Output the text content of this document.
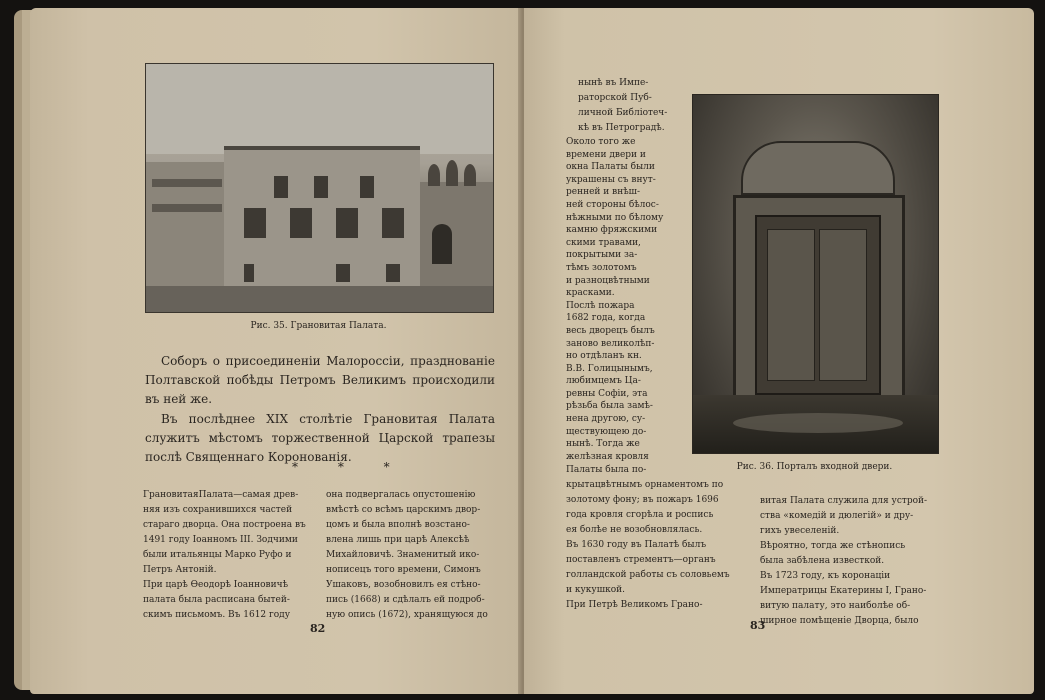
Рис. 35. Грановитая Палата.
Соборъ о присоединеніи Малороссіи, празднованіе Полтавской побѣды Петромъ Великимъ происходили въ ней же.
Въ послѣднее XIX столѣтіе Грановитая Палата служитъ мѣстомъ торжественной Царской трапезы послѣ Священнаго Коронованія.
* * *
ГрановитаяПалата—самая древ-
няя изъ сохранившихся частей
стараго дворца. Она построена въ
1491 году Іоанномъ III. Зодчими
были итальянцы Марко Руфо и
Петръ Антоній.
При царѣ Ѳеодорѣ Іоанновичѣ
палата была расписана бытей-
скимъ письмомъ. Въ 1612 году
она подвергалась опустошенію
вмѣстѣ со всѣмъ царскимъ двор-
цомъ и была вполнѣ возстано-
влена лишь при царѣ Алексѣѣ
Михайловичѣ. Знаменитый ико-
нописецъ того времени, Симонъ
Ушаковъ, возобновилъ ея стѣно-
пись (1668) и сдѣлалъ ей подроб-
ную опись (1672), хранящуюся до
82
нынѣ въ Импе-
раторской Пуб-
личной Библіотеч-
кѣ въ Петроградѣ.
Около того же
времени двери и
окна Палаты были
украшены съ внут-
ренней и внѣш-
ней стороны бѣлос-
нѣжными по бѣлому
камню фряжскими
скими травами,
покрытыми за-
тѣмъ золотомъ
и разноцвѣтными
красками.
Послѣ пожара
1682 года, когда
весь дворецъ былъ
заново великолѣп-
но отдѣланъ кн.
В.В. Голицынымъ,
любимцемъ Ца-
ревны Софіи, эта
рѣзьба была замѣ-
нена другою, су-
ществующею до-
нынѣ. Тогда же
желѣзная кровля
Рис. 36. Порталъ входной двери.
Палаты была по-
крытацвѣтнымъ орнаментомъ по
золотому фону; въ пожаръ 1696
года кровля сгорѣла и роспись
ея болѣе не возобновлялась.
Въ 1630 году въ Палатѣ былъ
поставленъ стрементъ—органъ
голландской работы съ соловьемъ
и кукушкой.
При Петрѣ Великомъ Грано-
витая Палата служила для устрой-
ства «комедій и дюлегій» и дру-
гихъ увеселеній.
Вѣроятно, тогда же стѣнопись
была забѣлена известкой.
Въ 1723 году, къ коронаціи
Императрицы Екатерины I, Грано-
витую палату, это наиболѣе об-
ширное помѣщеніе Дворца, было
83
